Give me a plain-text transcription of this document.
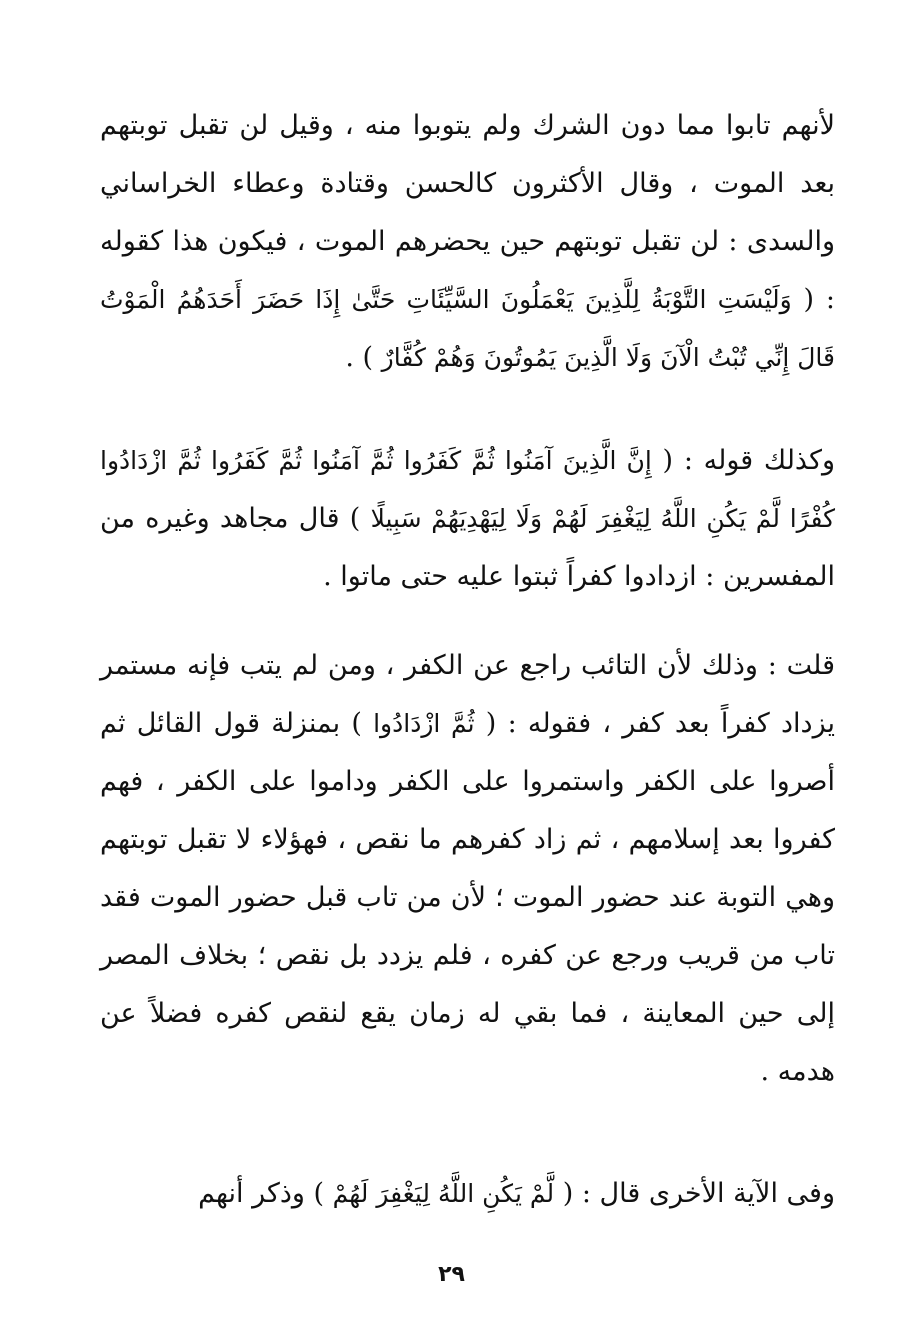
لأنهم تابوا مما دون الشرك ولم يتوبوا منه ، وقيل لن تقبل توبتهم بعد الموت ، وقال الأكثرون كالحسن وقتادة وعطاء الخراساني والسدى : لن تقبل توبتهم حين يحضرهم الموت ، فيكون هذا كقوله : ( وَلَيْسَتِ التَّوْبَةُ لِلَّذِينَ يَعْمَلُونَ السَّيِّئَاتِ حَتَّىٰ إِذَا حَضَرَ أَحَدَهُمُ الْمَوْتُ قَالَ إِنِّي تُبْتُ الْآنَ وَلَا الَّذِينَ يَمُوتُونَ وَهُمْ كُفَّارٌ ) .

وكذلك قوله : ( إِنَّ الَّذِينَ آمَنُوا ثُمَّ كَفَرُوا ثُمَّ آمَنُوا ثُمَّ كَفَرُوا ثُمَّ ازْدَادُوا كُفْرًا لَّمْ يَكُنِ اللَّهُ لِيَغْفِرَ لَهُمْ وَلَا لِيَهْدِيَهُمْ سَبِيلًا ) قال مجاهد وغيره من المفسرين : ازدادوا كفراً ثبتوا عليه حتى ماتوا .

قلت : وذلك لأن التائب راجع عن الكفر ، ومن لم يتب فإنه مستمر يزداد كفراً بعد كفر ، فقوله : ( ثُمَّ ازْدَادُوا ) بمنزلة قول القائل ثم أصروا على الكفر واستمروا على الكفر وداموا على الكفر ، فهم كفروا بعد إسلامهم ، ثم زاد كفرهم ما نقص ، فهؤلاء لا تقبل توبتهم وهي التوبة عند حضور الموت ؛ لأن من تاب قبل حضور الموت فقد تاب من قريب ورجع عن كفره ، فلم يزدد بل نقص ؛ بخلاف المصر إلى حين المعاينة ، فما بقي له زمان يقع لنقص كفره فضلاً عن هدمه .

وفى الآية الأخرى قال : ( لَّمْ يَكُنِ اللَّهُ لِيَغْفِرَ لَهُمْ ) وذكر أنهم

٢٩
